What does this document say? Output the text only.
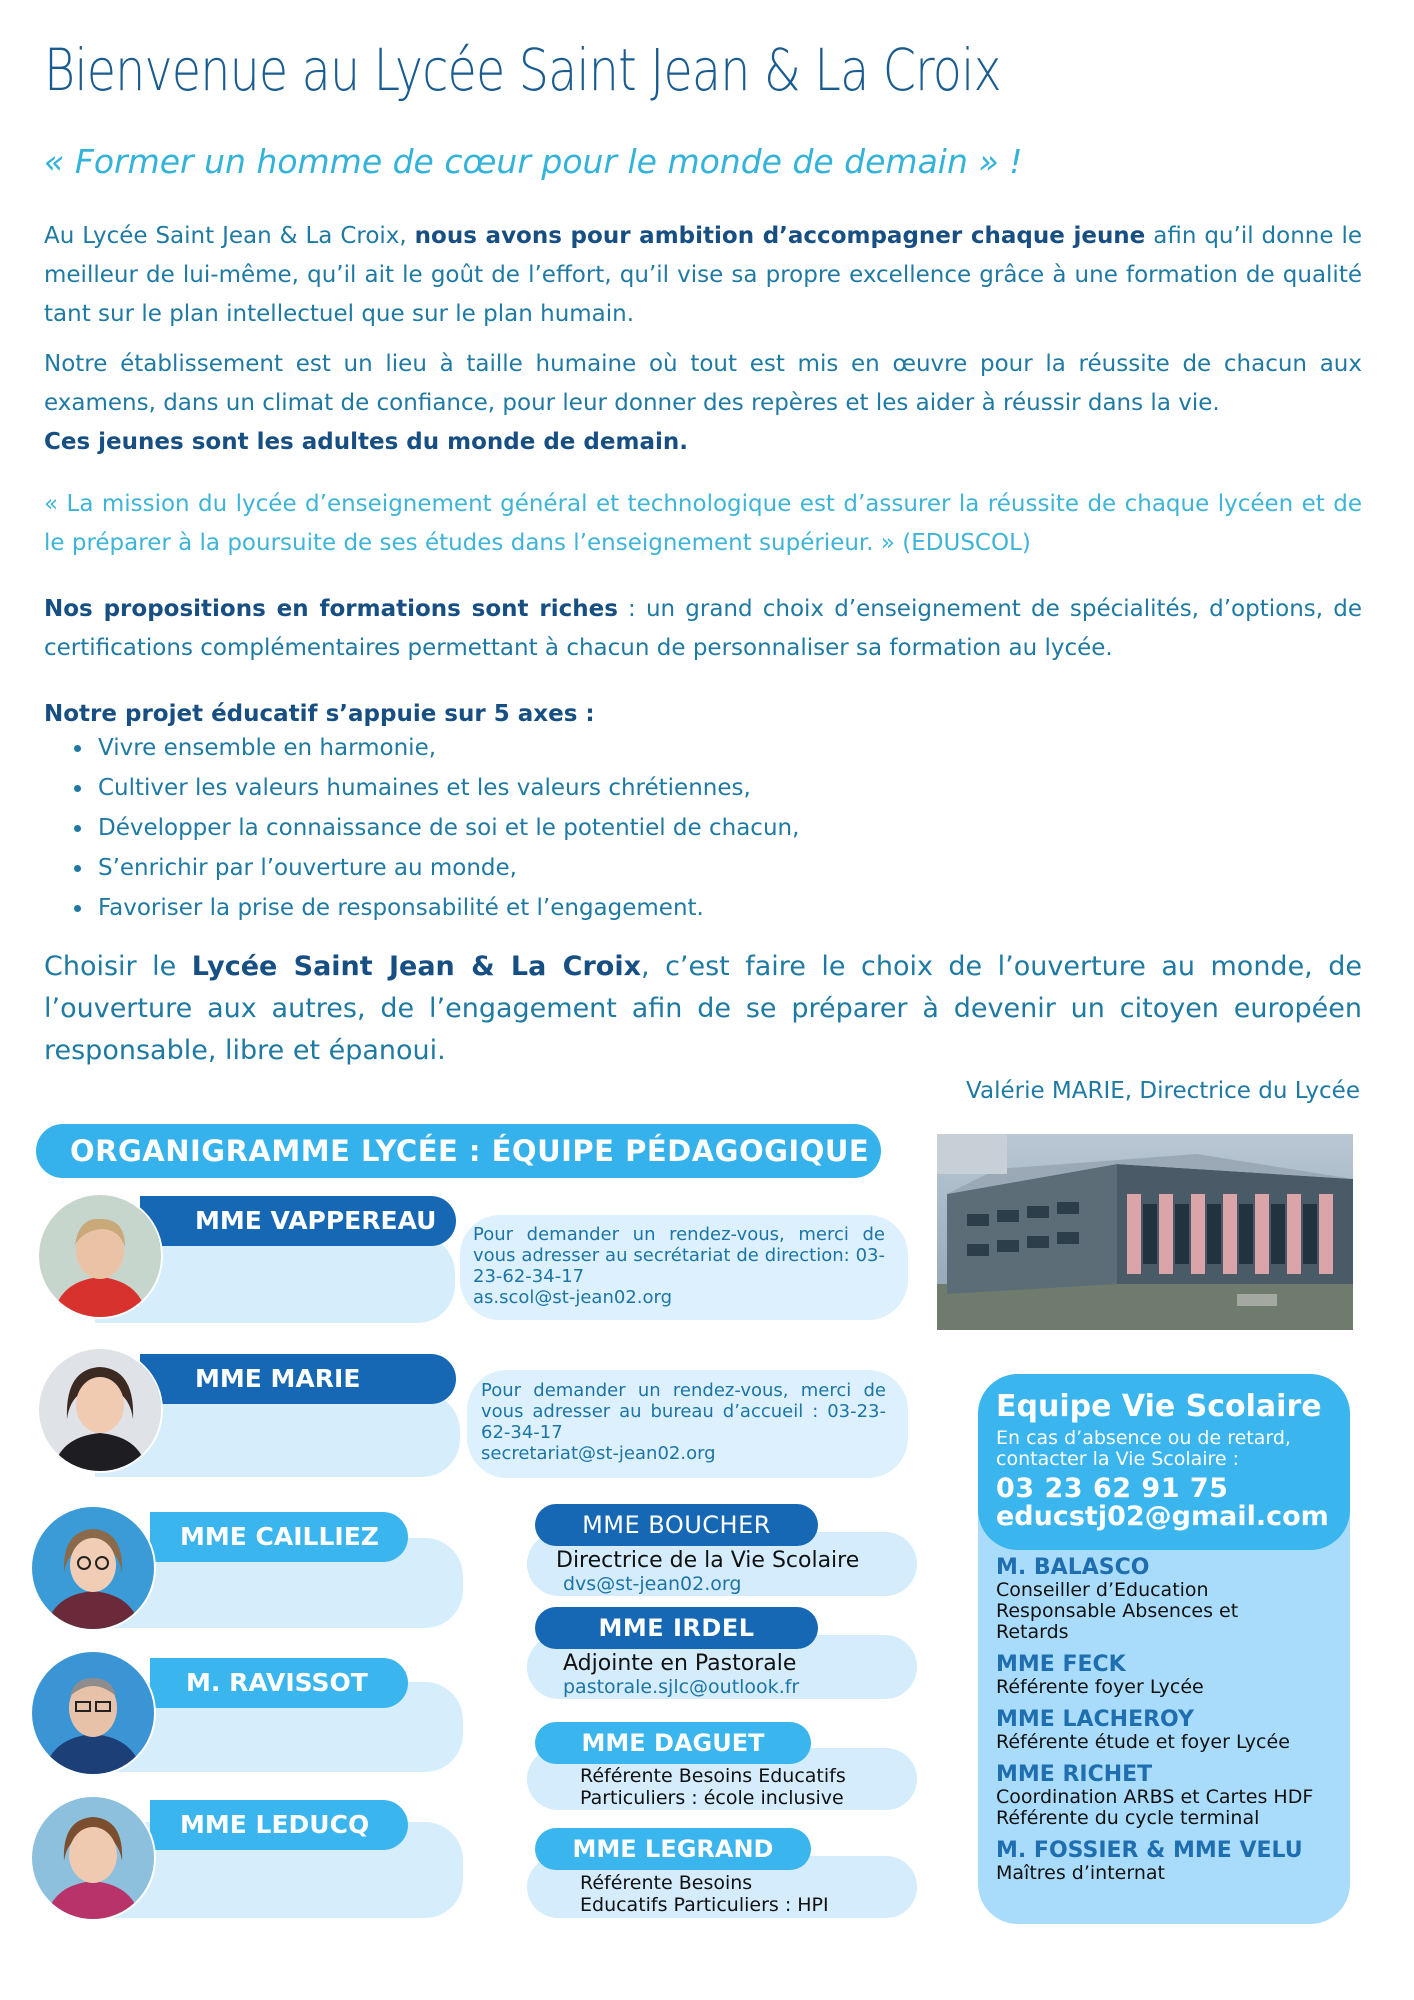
Bienvenue au Lycée Saint Jean & La Croix

« Former un homme de cœur pour le monde de demain » !

Au Lycée Saint Jean & La Croix, nous avons pour ambition d’accompagner chaque jeune afin qu’il donne le meilleur de lui-même, qu’il ait le goût de l’effort, qu’il vise sa propre excellence grâce à une formation de qualité tant sur le plan intellectuel que sur le plan humain.

Notre établissement est un lieu à taille humaine où tout est mis en œuvre pour la réussite de chacun aux examens, dans un climat de confiance, pour leur donner des repères et les aider à réussir dans la vie.
Ces jeunes sont les adultes du monde de demain.

« La mission du lycée d’enseignement général et technologique est d’assurer la réussite de chaque lycéen et de le préparer à la poursuite de ses études dans l’enseignement supérieur. » (EDUSCOL)

Nos propositions en formations sont riches : un grand choix d’enseignement de spécialités, d’options, de certifications complémentaires permettant à chacun de personnaliser sa formation au lycée.

Notre projet éducatif s’appuie sur 5 axes :

• Vivre ensemble en harmonie,
• Cultiver les valeurs humaines et les valeurs chrétiennes,
• Développer la connaissance de soi et le potentiel de chacun,
• S’enrichir par l’ouverture au monde,
• Favoriser la prise de responsabilité et l’engagement.

Choisir le Lycée Saint Jean & La Croix, c’est faire le choix de l’ouverture au monde, de l’ouverture aux autres, de l’engagement afin de se préparer à devenir un citoyen européen responsable, libre et épanoui.

Valérie MARIE, Directrice du Lycée
ORGANIGRAMME LYCÉE : ÉQUIPE PÉDAGOGIQUE
Pour demander un rendez-vous, merci de vous adresser au secrétariat de direction: 03-23-62-34-17
as.scol@st-jean02.org
MME VAPPEREAU
Pour demander un rendez-vous, merci de vous adresser au bureau d’accueil : 03-23-62-34-17
secretariat@st-jean02.org
MME MARIE
MME CAILLIEZ
M. RAVISSOT
MME LEDUCQ
MME BOUCHER
Directrice de la Vie Scolaire
dvs@st-jean02.org
MME IRDEL
Adjointe en Pastorale
pastorale.sjlc@outlook.fr
MME DAGUET
Référente Besoins Educatifs
Particuliers : école inclusive
MME LEGRAND
Référente Besoins
Educatifs Particuliers : HPI
Equipe Vie Scolaire
En cas d’absence ou de retard, contacter la Vie Scolaire :
03 23 62 91 75
educstj02@gmail.com
M. BALASCO
Conseiller d’Education Responsable Absences et Retards
MME FECK
Référente foyer Lycée
MME LACHEROY
Référente étude et foyer Lycée
MME RICHET
Coordination ARBS et Cartes HDF Référente du cycle terminal
M. FOSSIER & MME VELU
Maîtres d’internat
